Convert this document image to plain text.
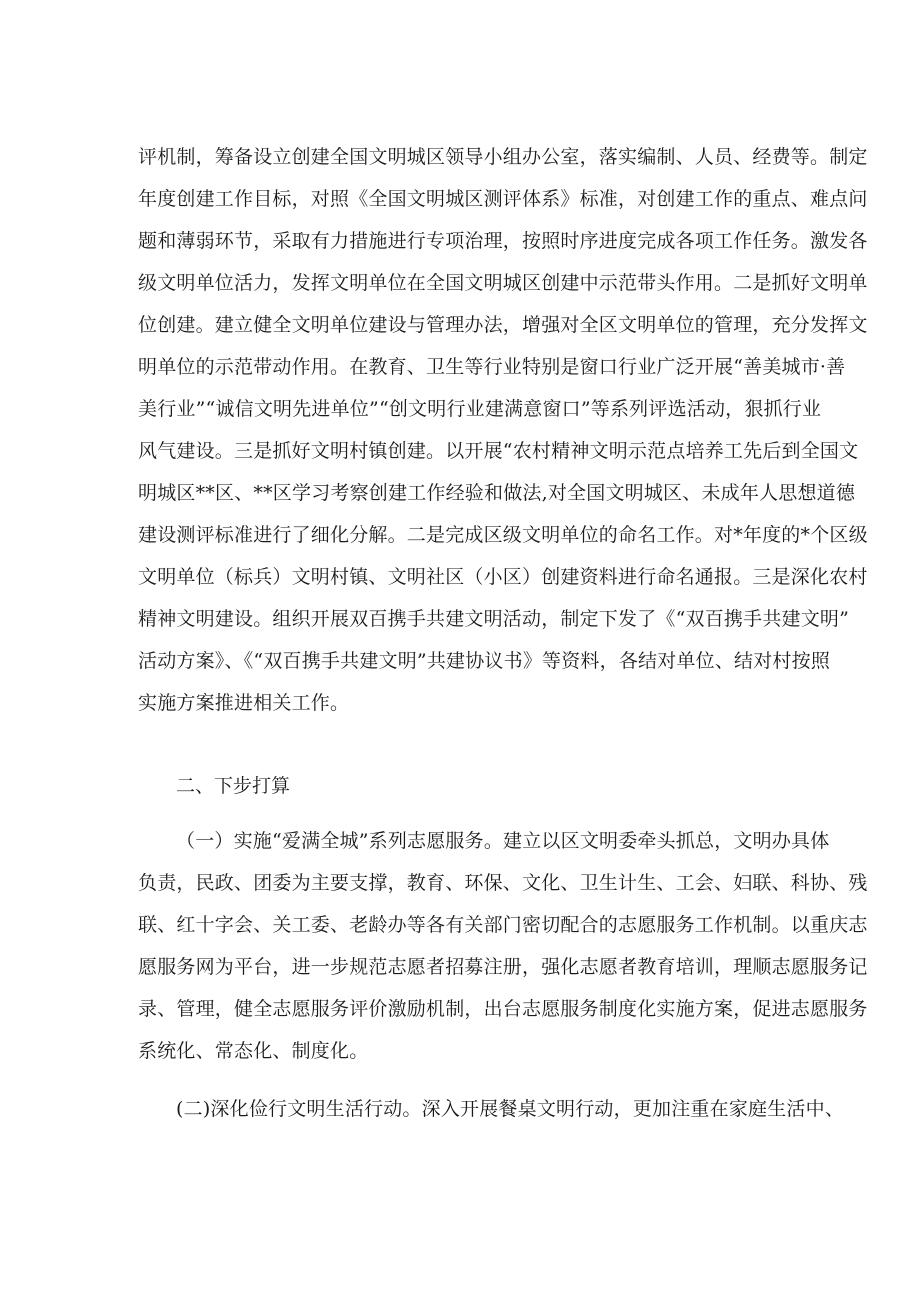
评机制，筹备设立创建全国文明城区领导小组办公室，落实编制、人员、经费等。制定
年度创建工作目标，对照《全国文明城区测评体系》标准，对创建工作的重点、难点问
题和薄弱环节，采取有力措施进行专项治理，按照时序进度完成各项工作任务。激发各
级文明单位活力，发挥文明单位在全国文明城区创建中示范带头作用。二是抓好文明单
位创建。建立健全文明单位建设与管理办法，增强对全区文明单位的管理，充分发挥文
明单位的示范带动作用。在教育、卫生等行业特别是窗口行业广泛开展“善美城市·善
美行业”“诚信文明先进单位”“创文明行业建满意窗口”等系列评选活动，狠抓行业
风气建设。三是抓好文明村镇创建。以开展“农村精神文明示范点培养工先后到全国文
明城区**区、**区学习考察创建工作经验和做法,对全国文明城区、未成年人思想道德
建设测评标准进行了细化分解。二是完成区级文明单位的命名工作。对*年度的*个区级
文明单位（标兵）文明村镇、文明社区（小区）创建资料进行命名通报。三是深化农村
精神文明建设。组织开展双百携手共建文明活动，制定下发了《“双百携手共建文明”
活动方案》、《“双百携手共建文明”共建协议书》等资料，各结对单位、结对村按照
实施方案推进相关工作。
二、下步打算
（一）实施“爱满全城”系列志愿服务。建立以区文明委牵头抓总，文明办具体
负责，民政、团委为主要支撑，教育、环保、文化、卫生计生、工会、妇联、科协、残
联、红十字会、关工委、老龄办等各有关部门密切配合的志愿服务工作机制。以重庆志
愿服务网为平台，进一步规范志愿者招募注册，强化志愿者教育培训，理顺志愿服务记
录、管理，健全志愿服务评价激励机制，出台志愿服务制度化实施方案，促进志愿服务
系统化、常态化、制度化。
(二)深化俭行文明生活行动。深入开展餐桌文明行动，更加注重在家庭生活中、
